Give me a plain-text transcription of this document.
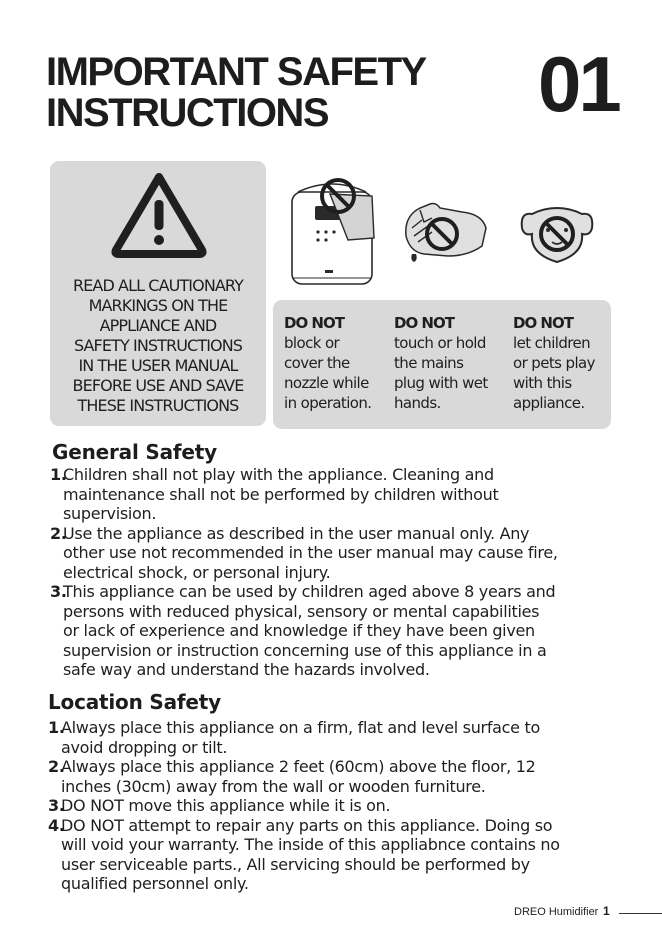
IMPORTANT SAFETY
INSTRUCTIONS	01
READ ALL CAUTIONARY
MARKINGS ON THE
APPLIANCE AND
SAFETY INSTRUCTIONS
IN THE USER MANUAL
BEFORE USE AND SAVE
THESE INSTRUCTIONS
DO NOT
block or
cover the
nozzle while
in operation.
DO NOT
touch or hold
the mains
plug with wet
hands.
DO NOT
let children
or pets play
with this
appliance.
General Safety
1.
Children shall not play with the appliance. Cleaning and
maintenance shall not be performed by children without
supervision.
2.
Use the appliance as described in the user manual only. Any
other use not recommended in the user manual may cause fire,
electrical shock, or personal injury.
3.
This appliance can be used by children aged above 8 years and
persons with reduced physical, sensory or mental capabilities
or lack of experience and knowledge if they have been given
supervision or instruction concerning use of this appliance in a
safe way and understand the hazards involved.
Location Safety
1.
Always place this appliance on a firm, flat and level surface to
avoid dropping or tilt.
2.
Always place this appliance 2 feet (60cm) above the floor, 12
inches (30cm) away from the wall or wooden furniture.
3.
DO NOT move this appliance while it is on.
4.
DO NOT attempt to repair any parts on this appliance. Doing so
will void your warranty. The inside of this appliabnce contains no
user serviceable parts., All servicing should be performed by
qualified personnel only.
DREO Humidifier 1
